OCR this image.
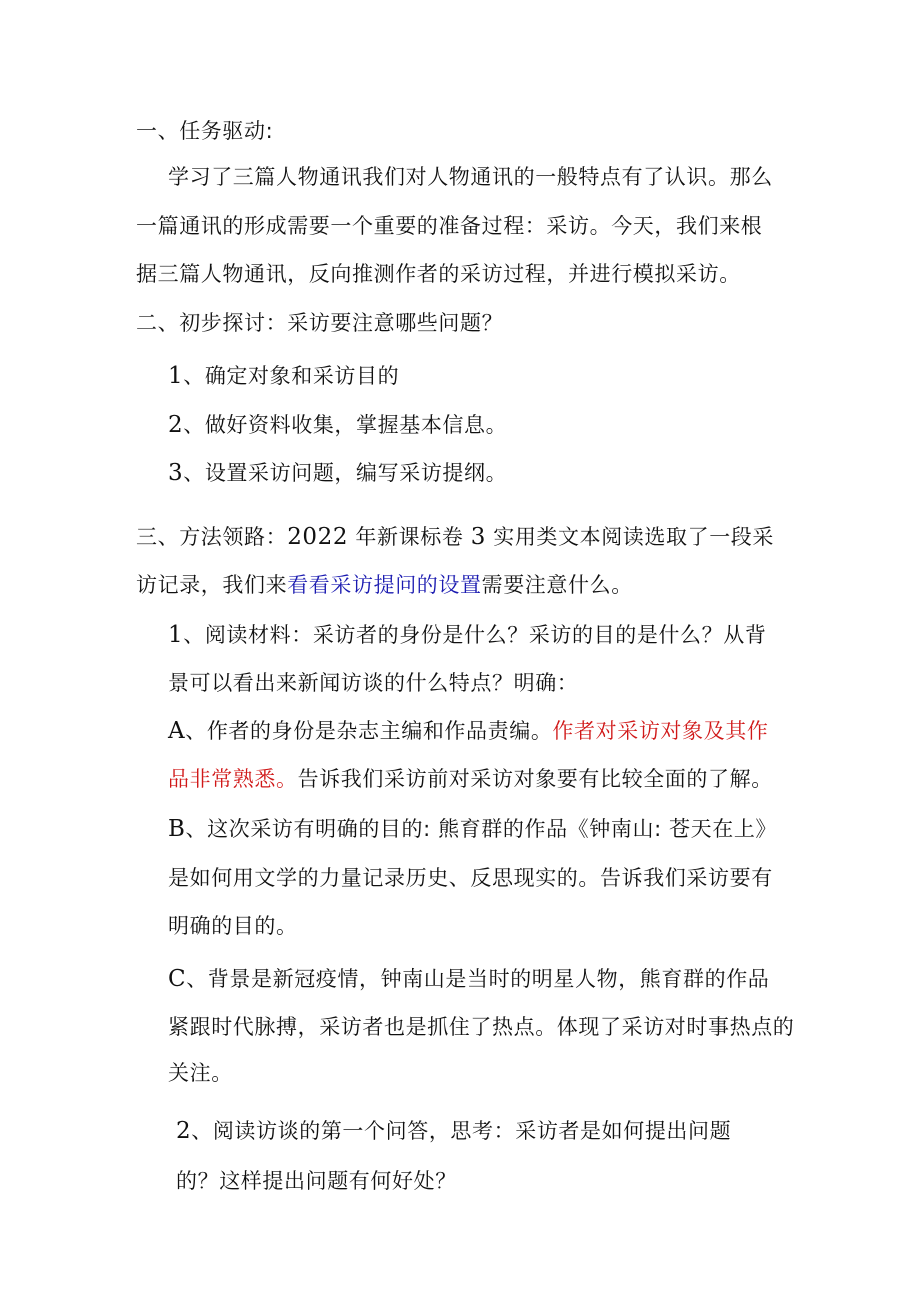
一、任务驱动:
学习了三篇人物通讯我们对人物通讯的一般特点有了认识。那么
一篇通讯的形成需要一个重要的准备过程：采访。今天，我们来根
据三篇人物通讯，反向推测作者的采访过程，并进行模拟采访。
二、初步探讨：采访要注意哪些问题？
1、确定对象和采访目的
2、做好资料收集，掌握基本信息。
3、设置采访问题，编写采访提纲。
三、方法领路：2022 年新课标卷 3 实用类文本阅读选取了一段采
访记录，我们来看看采访提问的设置需要注意什么。
1、阅读材料：采访者的身份是什么？采访的目的是什么？从背
景可以看出来新闻访谈的什么特点？明确：
A、作者的身份是杂志主编和作品责编。作者对采访对象及其作
品非常熟悉。告诉我们采访前对采访对象要有比较全面的了解。
B、这次采访有明确的目的: 熊育群的作品《钟南山: 苍天在上》
是如何用文学的力量记录历史、反思现实的。告诉我们采访要有
明确的目的。
C、背景是新冠疫情，钟南山是当时的明星人物，熊育群的作品
紧跟时代脉搏，采访者也是抓住了热点。体现了采访对时事热点的
关注。
2、阅读访谈的第一个问答，思考：采访者是如何提出问题
的？这样提出问题有何好处？
